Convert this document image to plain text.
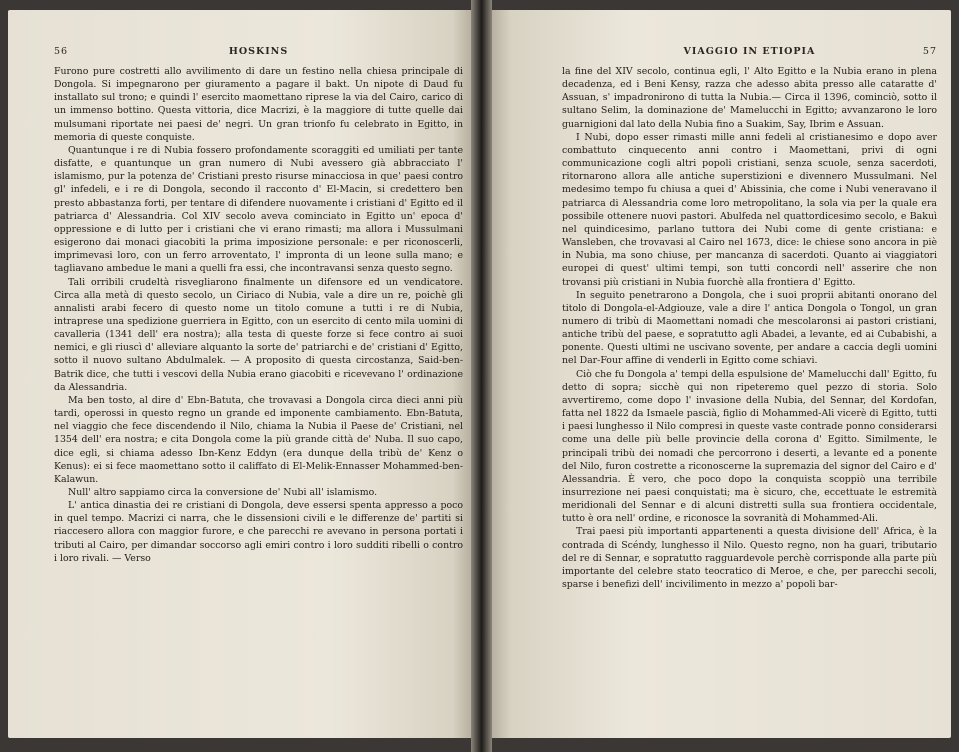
56	HOSKINS

Furono pure costretti allo avvilimento di dare un festino nella chiesa principale di Dongola. Si impegnarono per giuramento a pagare il bakt. Un nipote di Daud fu installato sul trono; e quindi l' esercito maomettano riprese la via del Cairo, carico di un immenso bottino. Questa vittoria, dice Macrizi, è la maggiore di tutte quelle dai mulsumani riportate nei paesi de' negri. Un gran trionfo fu celebrato in Egitto, in memoria di queste conquiste.

Quantunque i re di Nubia fossero profondamente scoraggiti ed umiliati per tante disfatte, e quantunque un gran numero di Nubi avessero già abbracciato l' islamismo, pur la potenza de' Cristiani presto risurse minacciosa in que' paesi contro gl' infedeli, e i re di Dongola, secondo il racconto d' El-Macin, si credettero ben presto abbastanza forti, per tentare di difendere nuovamente i cristiani d' Egitto ed il patriarca d' Alessandria. Col XIV secolo aveva cominciato in Egitto un' epoca d' oppressione e di lutto per i cristiani che vi erano rimasti; ma allora i Mussulmani esigerono dai monaci giacobiti la prima imposizione personale: e per riconoscerli, imprimevasi loro, con un ferro arroventato, l' impronta di un leone sulla mano; e tagliavano ambedue le mani a quelli fra essi, che incontravansi senza questo segno.

Tali orribili crudeltà risvegliarono finalmente un difensore ed un vendicatore. Circa alla metà di questo secolo, un Ciriaco di Nubia, vale a dire un re, poichè gli annalisti arabi fecero di questo nome un titolo comune a tutti i re di Nubia, intraprese una spedizione guerriera in Egitto, con un esercito di cento mila uomini di cavalleria (1341 dell' era nostra); alla testa di queste forze si fece contro ai suoi nemici, e gli riuscì d' alleviare alquanto la sorte de' patriarchi e de' cristiani d' Egitto, sotto il nuovo sultano Abdulmalek. — A proposito di questa circostanza, Said-ben-Batrik dice, che tutti i vescovi della Nubia erano giacobiti e ricevevano l' ordinazione da Alessandria.

Ma ben tosto, al dire d' Ebn-Batuta, che trovavasi a Dongola circa dieci anni più tardi, operossi in questo regno un grande ed imponente cambiamento. Ebn-Batuta, nel viaggio che fece discendendo il Nilo, chiama la Nubia il Paese de' Cristiani, nel 1354 dell' era nostra; e cita Dongola come la più grande città de' Nuba. Il suo capo, dice egli, si chiama adesso Ibn-Kenz Eddyn (era dunque della tribù de' Kenz o Kenus): ei si fece maomettano sotto il califfato di El-Melik-Ennasser Mohammed-ben-Kalawun.

Null' altro sappiamo circa la conversione de' Nubi all' islamismo.

L' antica dinastia dei re cristiani di Dongola, deve essersi spenta appresso a poco in quel tempo. Macrizi ci narra, che le dissensioni civili e le differenze de' partiti si riaccesero allora con maggior furore, e che parecchi re avevano in persona portati i tributi al Cairo, per dimandar soccorso agli emiri contro i loro sudditi ribelli o contro i loro rivali. — Verso

VIAGGIO IN ETIOPIA	57

la fine del XIV secolo, continua egli, l' Alto Egitto e la Nubia erano in plena decadenza, ed i Beni Kensy, razza che adesso abita presso alle cataratte d' Assuan, s' impadronirono di tutta la Nubia.— Circa il 1396, cominciò, sotto il sultano Selim, la dominazione de' Mamelucchi in Egitto; avvanzarono le loro guarnigioni dal lato della Nubia fino a Suakim, Say, Ibrim e Assuan.

I Nubi, dopo esser rimasti mille anni fedeli al cristianesimo e dopo aver combattuto cinquecento anni contro i Maomettani, privi di ogni communicazione cogli altri popoli cristiani, senza scuole, senza sacerdoti, ritornarono allora alle antiche superstizioni e divennero Mussulmani. Nel medesimo tempo fu chiusa a quei d' Abissinia, che come i Nubi veneravano il patriarca di Alessandria come loro metropolitano, la sola via per la quale era possibile ottenere nuovi pastori. Abulfeda nel quattordicesimo secolo, e Bakuì nel quindicesimo, parlano tuttora dei Nubi come di gente cristiana: e Wansleben, che trovavasi al Cairo nel 1673, dice: le chiese sono ancora in piè in Nubia, ma sono chiuse, per mancanza di sacerdoti. Quanto ai viaggiatori europei di quest' ultimi tempi, son tutti concordi nell' asserire che non trovansi più cristiani in Nubia fuorchè alla frontiera d' Egitto.

In seguito penetrarono a Dongola, che i suoi proprii abitanti onorano del titolo di Dongola-el-Adgiouze, vale a dire l' antica Dongola o Tongol, un gran numero di tribù di Maomettani nomadi che mescolaronsi ai pastori cristiani, antiche tribù del paese, e sopratutto agli Abadei, a levante, ed ai Cubabishi, a ponente. Questi ultimi ne uscivano sovente, per andare a caccia degli uomini nel Dar-Four affine di venderli in Egitto come schiavi.

Ciò che fu Dongola a' tempi della espulsione de' Mamelucchi dall' Egitto, fu detto di sopra; sicchè qui non ripeteremo quel pezzo di storia. Solo avvertiremo, come dopo l' invasione della Nubia, del Sennar, del Kordofan, fatta nel 1822 da Ismaele pascià, figlio di Mohammed-Ali vicerè di Egitto, tutti i paesi lunghesso il Nilo compresi in queste vaste contrade ponno considerarsi come una delle più belle provincie della corona d' Egitto. Similmente, le principali tribù dei nomadi che percorrono i deserti, a levante ed a ponente del Nilo, furon costrette a riconoscerne la supremazia del signor del Cairo e d' Alessandria. È vero, che poco dopo la conquista scoppiò una terribile insurrezione nei paesi conquistati; ma è sicuro, che, eccettuate le estremità meridionali del Sennar e di alcuni distretti sulla sua frontiera occidentale, tutto è ora nell' ordine, e riconosce la sovranità di Mohammed-Ali.

Trai paesi più importanti appartenenti a questa divisione dell' Africa, è la contrada di Scéndy, lunghesso il Nilo. Questo regno, non ha guari, tributario del re di Sennar, e sopratutto ragguardevole perchè corrisponde alla parte più importante del celebre stato teocratico di Meroe, e che, per parecchi secoli, sparse i benefizi dell' incivilimento in mezzo a' popoli bar-
